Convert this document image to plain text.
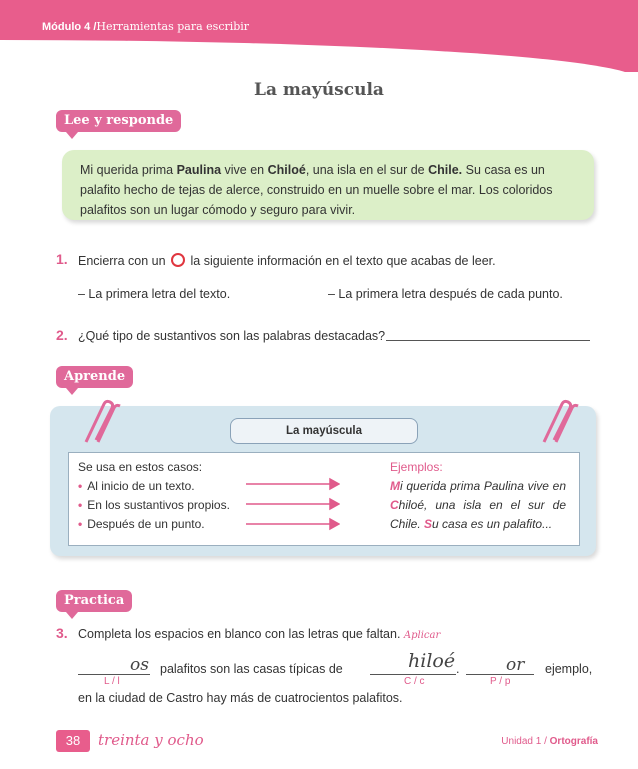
Módulo 4 /Herramientas para escribir
La mayúscula
Lee y responde
Mi querida prima Paulina vive en Chiloé, una isla en el sur de Chile. Su casa es un palafito hecho de tejas de alerce, construido en un muelle sobre el mar. Los coloridos palafitos son un lugar cómodo y seguro para vivir.
1. Encierra con un la siguiente información en el texto que acabas de leer.
– La primera letra del texto.	– La primera letra después de cada punto.
2. ¿Qué tipo de sustantivos son las palabras destacadas?
Aprende
La mayúscula
Se usa en estos casos:
• Al inicio de un texto.
• En los sustantivos propios.
• Después de un punto.
Ejemplos:
Mi querida prima Paulina vive en Chiloé, una isla en el sur de Chile. Su casa es un palafito...
Practica
3. Completa los espacios en blanco con las letras que faltan. Aplicar
os
L / l
palafitos son las casas típicas de	hiloé
C / c
.	or
P / p
ejemplo,
en la ciudad de Castro hay más de cuatrocientos palafitos.
38	treinta y ocho	Unidad 1 / Ortografía
